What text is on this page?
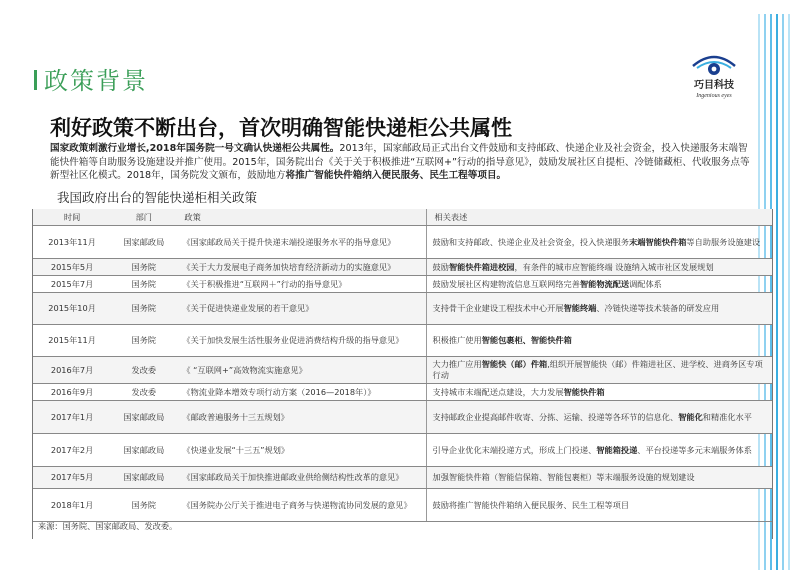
政策背景	巧目科技
Ingenious eyes
利好政策不断出台，首次明确智能快递柜公共属性
国家政策刺激行业增长,2018年国务院一号文确认快递柜公共属性。2013年，国家邮政局正式出台文件鼓励和支持邮政、快递企业及社会资金，投入快递服务末端智能快件箱等自助服务设施建设并推广使用。2015年，国务院出台《关于关于积极推进“互联网+”行动的指导意见》，鼓励发展社区自提柜、冷链储藏柜、代收服务点等新型社区化模式。2018年，国务院发文颁布，鼓励地方将推广智能快件箱纳入便民服务、民生工程等项目。
我国政府出台的智能快递柜相关政策
时间	部门	政策	相关表述
2013年11月	国家邮政局	《国家邮政局关于提升快递末端投递服务水平的指导意见》	鼓励和支持邮政、快递企业及社会资金，投入快递服务末端智能快件箱等自助服务设施建设
2015年5月	国务院	《关于大力发展电子商务加快培育经济新动力的实施意见》	鼓励智能快件箱进校园，有条件的城市应智能终端 设施纳入城市社区发展规划
2015年7月	国务院	《关于积极推进“互联网＋”行动的指导意见》	鼓励发展社区构建物流信息互联网络完善智能物流配送调配体系
2015年10月	国务院	《关于促进快递业发展的若干意见》	支持骨干企业建设工程技术中心开展智能终端、冷链快递等技术装备的研发应用
2015年11月	国务院	《关于加快发展生活性服务业促进消费结构升级的指导意见》	积极推广使用智能包裹柜、智能快件箱
2016年7月	发改委	《 “互联网+”高效物流实施意见》	大力推广应用智能快（邮）件箱,组织开展智能快（邮）件箱进社区、进学校、进商务区专项行动
2016年9月	发改委	《物流业降本增效专项行动方案（2016—2018年）》	支持城市末端配送点建设，大力发展智能快件箱
2017年1月	国家邮政局	《邮政普遍服务十三五规划》	支持邮政企业提高邮件收寄、分拣、运输、投递等各环节的信息化、智能化和精准化水平
2017年2月	国家邮政局	《快递业发展“十三五”规划》	引导企业优化末端投递方式，形成上门投递、智能箱投递、平台投递等多元末端服务体系
2017年5月	国家邮政局	《国家邮政局关于加快推进邮政业供给侧结构性改革的意见》	加强智能快件箱（智能信保箱、智能包裹柜）等末端服务设施的规划建设
2018年1月	国务院	《国务院办公厅关于推进电子商务与快递物流协同发展的意见》	鼓励将推广智能快件箱纳入便民服务、民生工程等项目
来源：国务院、国家邮政局、发改委。
